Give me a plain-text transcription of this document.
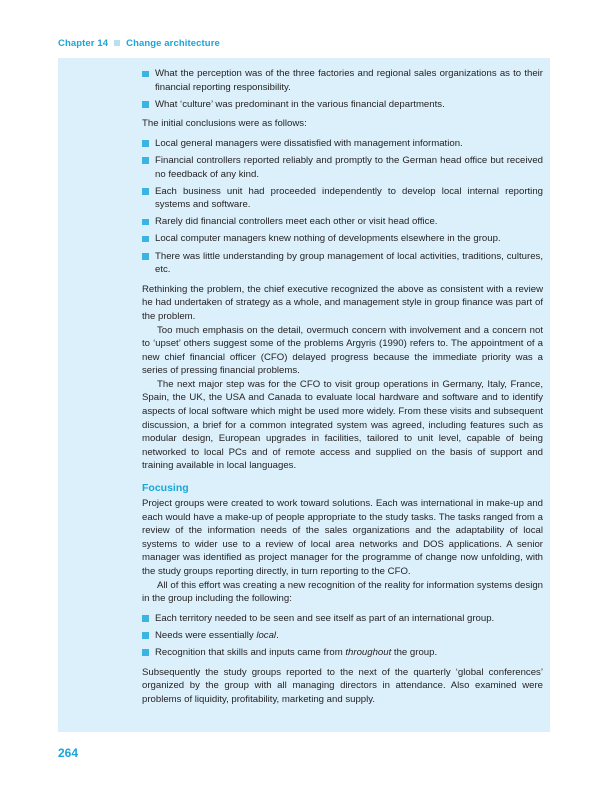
Chapter 14 Change architecture
What the perception was of the three factories and regional sales organizations as to their financial reporting responsibility.
What ‘culture’ was predominant in the various financial departments.

The initial conclusions were as follows:

Local general managers were dissatisfied with management information.
Financial controllers reported reliably and promptly to the German head office but received no feedback of any kind.
Each business unit had proceeded independently to develop local internal reporting systems and software.
Rarely did financial controllers meet each other or visit head office.
Local computer managers knew nothing of developments elsewhere in the group.
There was little understanding by group management of local activities, traditions, cultures, etc.

Rethinking the problem, the chief executive recognized the above as consistent with a review he had undertaken of strategy as a whole, and management style in group finance was part of the problem.

Too much emphasis on the detail, overmuch concern with involvement and a concern not to ‘upset’ others suggest some of the problems Argyris (1990) refers to. The appointment of a new chief financial officer (CFO) delayed progress because the immediate priority was a series of pressing financial problems.

The next major step was for the CFO to visit group operations in Germany, Italy, France, Spain, the UK, the USA and Canada to evaluate local hardware and software and to identify aspects of local software which might be used more widely. From these visits and subsequent discussion, a brief for a common integrated system was agreed, including features such as modular design, European upgrades in facilities, tailored to unit level, capable of being networked to local PCs and of remote access and supplied on the basis of support and training available in local languages.

Focusing

Project groups were created to work toward solutions. Each was international in make-up and each would have a make-up of people appropriate to the study tasks. The tasks ranged from a review of the information needs of the sales organizations and the adaptability of local systems to wider use to a review of local area networks and DOS applications. A senior manager was identified as project manager for the programme of change now unfolding, with the study groups reporting directly, in turn reporting to the CFO.

All of this effort was creating a new recognition of the reality for information systems design in the group including the following:

Each territory needed to be seen and see itself as part of an international group.
Needs were essentially local.
Recognition that skills and inputs came from throughout the group.

Subsequently the study groups reported to the next of the quarterly ‘global conferences’ organized by the group with all managing directors in attendance. Also examined were problems of liquidity, profitability, marketing and supply.

264
